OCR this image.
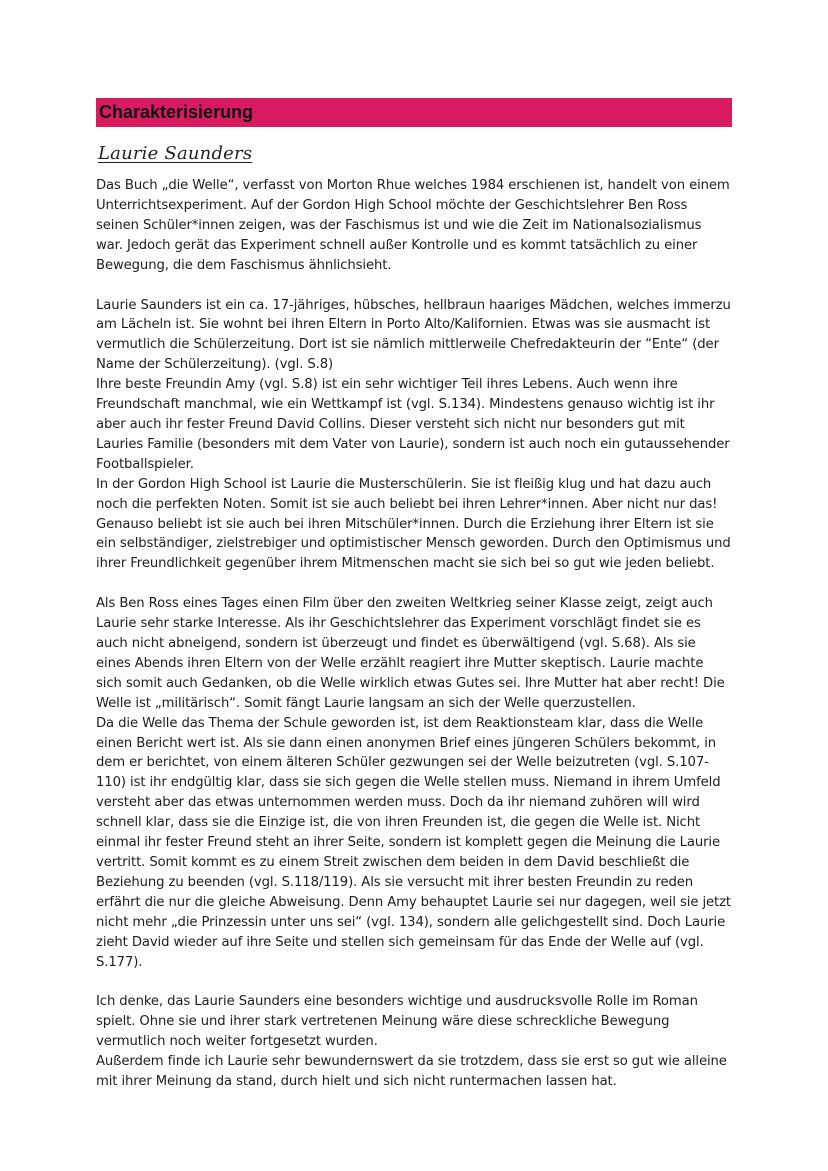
Charakterisierung
Laurie Saunders

Das Buch „die Welle“, verfasst von Morton Rhue welches 1984 erschienen ist, handelt von einem Unterrichtsexperiment. Auf der Gordon High School möchte der Geschichtslehrer Ben Ross seinen Schüler*innen zeigen, was der Faschismus ist und wie die Zeit im Nationalsozialismus war. Jedoch gerät das Experiment schnell außer Kontrolle und es kommt tatsächlich zu einer Bewegung, die dem Faschismus ähnlichsieht.

Laurie Saunders ist ein ca. 17-jähriges, hübsches, hellbraun haariges Mädchen, welches immerzu am Lächeln ist. Sie wohnt bei ihren Eltern in Porto Alto/Kalifornien. Etwas was sie ausmacht ist vermutlich die Schülerzeitung. Dort ist sie nämlich mittlerweile Chefredakteurin der “Ente“ (der Name der Schülerzeitung). (vgl. S.8)

Ihre beste Freundin Amy (vgl. S.8) ist ein sehr wichtiger Teil ihres Lebens. Auch wenn ihre Freundschaft manchmal, wie ein Wettkampf ist (vgl. S.134). Mindestens genauso wichtig ist ihr aber auch ihr fester Freund David Collins. Dieser versteht sich nicht nur besonders gut mit Lauries Familie (besonders mit dem Vater von Laurie), sondern ist auch noch ein gutaussehender Footballspieler.

In der Gordon High School ist Laurie die Musterschülerin. Sie ist fleißig klug und hat dazu auch noch die perfekten Noten. Somit ist sie auch beliebt bei ihren Lehrer*innen. Aber nicht nur das! Genauso beliebt ist sie auch bei ihren Mitschüler*innen. Durch die Erziehung ihrer Eltern ist sie ein selbständiger, zielstrebiger und optimistischer Mensch geworden. Durch den Optimismus und ihrer Freundlichkeit gegenüber ihrem Mitmenschen macht sie sich bei so gut wie jeden beliebt.

Als Ben Ross eines Tages einen Film über den zweiten Weltkrieg seiner Klasse zeigt, zeigt auch Laurie sehr starke Interesse. Als ihr Geschichtslehrer das Experiment vorschlägt findet sie es auch nicht abneigend, sondern ist überzeugt und findet es überwältigend (vgl. S.68). Als sie eines Abends ihren Eltern von der Welle erzählt reagiert ihre Mutter skeptisch. Laurie machte sich somit auch Gedanken, ob die Welle wirklich etwas Gutes sei. Ihre Mutter hat aber recht! Die Welle ist „militärisch“. Somit fängt Laurie langsam an sich der Welle querzustellen.

Da die Welle das Thema der Schule geworden ist, ist dem Reaktionsteam klar, dass die Welle einen Bericht wert ist. Als sie dann einen anonymen Brief eines jüngeren Schülers bekommt, in dem er berichtet, von einem älteren Schüler gezwungen sei der Welle beizutreten (vgl. S.107-110) ist ihr endgültig klar, dass sie sich gegen die Welle stellen muss. Niemand in ihrem Umfeld versteht aber das etwas unternommen werden muss. Doch da ihr niemand zuhören will wird schnell klar, dass sie die Einzige ist, die von ihren Freunden ist, die gegen die Welle ist. Nicht einmal ihr fester Freund steht an ihrer Seite, sondern ist komplett gegen die Meinung die Laurie vertritt. Somit kommt es zu einem Streit zwischen dem beiden in dem David beschließt die Beziehung zu beenden (vgl. S.118/119). Als sie versucht mit ihrer besten Freundin zu reden erfährt die nur die gleiche Abweisung. Denn Amy behauptet Laurie sei nur dagegen, weil sie jetzt nicht mehr „die Prinzessin unter uns sei“ (vgl. 134), sondern alle gelichgestellt sind. Doch Laurie zieht David wieder auf ihre Seite und stellen sich gemeinsam für das Ende der Welle auf (vgl. S.177).

Ich denke, das Laurie Saunders eine besonders wichtige und ausdrucksvolle Rolle im Roman spielt. Ohne sie und ihrer stark vertretenen Meinung wäre diese schreckliche Bewegung vermutlich noch weiter fortgesetzt wurden.

Außerdem finde ich Laurie sehr bewundernswert da sie trotzdem, dass sie erst so gut wie alleine mit ihrer Meinung da stand, durch hielt und sich nicht runtermachen lassen hat.
